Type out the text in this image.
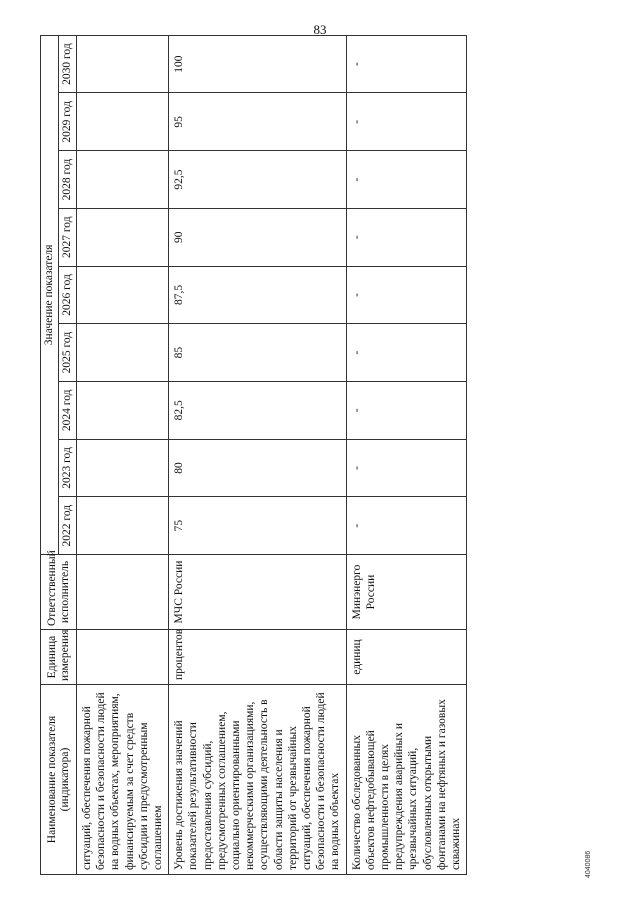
83
Наименование показателя (индикатора)	Единица измерения	Ответственный исполнитель	Значение показателя								
			2022 год	2023 год	2024 год	2025 год	2026 год	2027 год	2028 год	2029 год	2030 год
ситуаций, обеспечения пожарной безопасности и безопасности людей на водных объектах, мероприятиям, финансируемым за счет средств субсидии и предусмотренным соглашением											
Уровень достижения значений показателей результативности предоставления субсидий, предусмотренных соглашением, социально ориентированными некоммерческими организациями, осуществляющими деятельность в области защиты населения и территорий от чрезвычайных ситуаций, обеспечения пожарной безопасности и безопасности людей на водных объектах	процентов	МЧС России	75	80	82,5	85	87,5	90	92,5	95	100
Количество обследованных объектов нефтедобывающей промышленности в целях предупреждения аварийных и чрезвычайных ситуаций, обусловленных открытыми фонтанами на нефтяных и газовых скважинах	единиц	Минэнерго России	-	-	-	-	-	-	-	-	-
4040086
